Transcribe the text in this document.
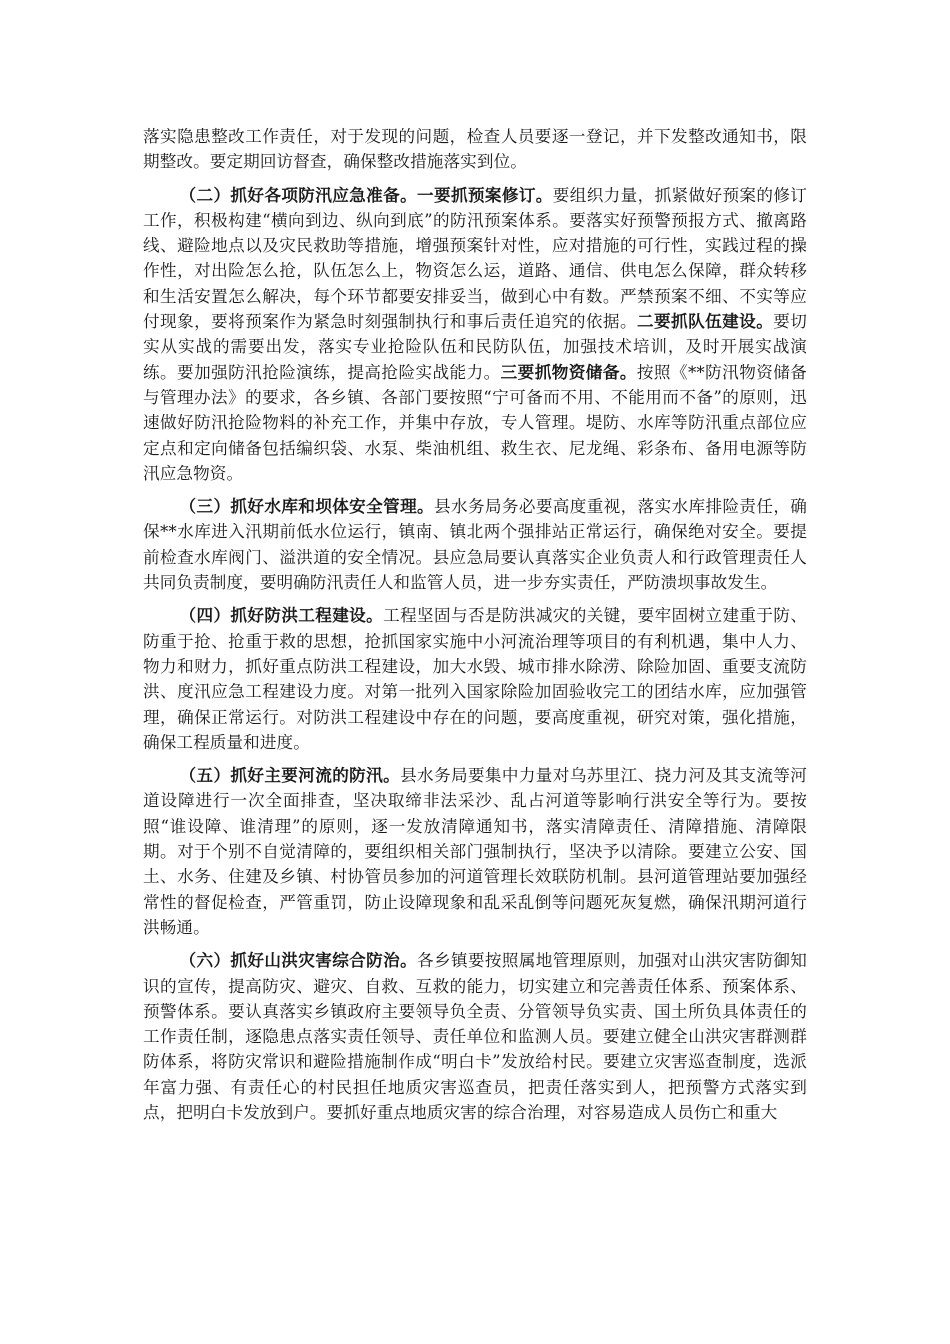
落实隐患整改工作责任，对于发现的问题，检查人员要逐一登记，并下发整改通知书，限期整改。要定期回访督查，确保整改措施落实到位。

（二）抓好各项防汛应急准备。一要抓预案修订。要组织力量，抓紧做好预案的修订工作，积极构建“横向到边、纵向到底”的防汛预案体系。要落实好预警预报方式、撤离路线、避险地点以及灾民救助等措施，增强预案针对性，应对措施的可行性，实践过程的操作性，对出险怎么抢，队伍怎么上，物资怎么运，道路、通信、供电怎么保障，群众转移和生活安置怎么解决，每个环节都要安排妥当，做到心中有数。严禁预案不细、不实等应付现象，要将预案作为紧急时刻强制执行和事后责任追究的依据。二要抓队伍建设。要切实从实战的需要出发，落实专业抢险队伍和民防队伍，加强技术培训，及时开展实战演练。要加强防汛抢险演练，提高抢险实战能力。三要抓物资储备。按照《**防汛物资储备与管理办法》的要求，各乡镇、各部门要按照“宁可备而不用、不能用而不备”的原则，迅速做好防汛抢险物料的补充工作，并集中存放，专人管理。堤防、水库等防汛重点部位应定点和定向储备包括编织袋、水泵、柴油机组、救生衣、尼龙绳、彩条布、备用电源等防汛应急物资。

（三）抓好水库和坝体安全管理。县水务局务必要高度重视，落实水库排险责任，确保**水库进入汛期前低水位运行，镇南、镇北两个强排站正常运行，确保绝对安全。要提前检查水库阀门、溢洪道的安全情况。县应急局要认真落实企业负责人和行政管理责任人共同负责制度，要明确防汛责任人和监管人员，进一步夯实责任，严防溃坝事故发生。

（四）抓好防洪工程建设。工程坚固与否是防洪减灾的关键，要牢固树立建重于防、防重于抢、抢重于救的思想，抢抓国家实施中小河流治理等项目的有利机遇，集中人力、物力和财力，抓好重点防洪工程建设，加大水毁、城市排水除涝、除险加固、重要支流防洪、度汛应急工程建设力度。对第一批列入国家除险加固验收完工的团结水库，应加强管理，确保正常运行。对防洪工程建设中存在的问题，要高度重视，研究对策，强化措施，确保工程质量和进度。

（五）抓好主要河流的防汛。县水务局要集中力量对乌苏里江、挠力河及其支流等河道设障进行一次全面排查，坚决取缔非法采沙、乱占河道等影响行洪安全等行为。要按照“谁设障、谁清理”的原则，逐一发放清障通知书，落实清障责任、清障措施、清障限期。对于个别不自觉清障的，要组织相关部门强制执行，坚决予以清除。要建立公安、国土、水务、住建及乡镇、村协管员参加的河道管理长效联防机制。县河道管理站要加强经常性的督促检查，严管重罚，防止设障现象和乱采乱倒等问题死灰复燃，确保汛期河道行洪畅通。

（六）抓好山洪灾害综合防治。各乡镇要按照属地管理原则，加强对山洪灾害防御知识的宣传，提高防灾、避灾、自救、互救的能力，切实建立和完善责任体系、预案体系、预警体系。要认真落实乡镇政府主要领导负全责、分管领导负实责、国土所负具体责任的工作责任制，逐隐患点落实责任领导、责任单位和监测人员。要建立健全山洪灾害群测群防体系，将防灾常识和避险措施制作成“明白卡”发放给村民。要建立灾害巡查制度，选派年富力强、有责任心的村民担任地质灾害巡查员，把责任落实到人，把预警方式落实到点，把明白卡发放到户。要抓好重点地质灾害的综合治理，对容易造成人员伤亡和重大
